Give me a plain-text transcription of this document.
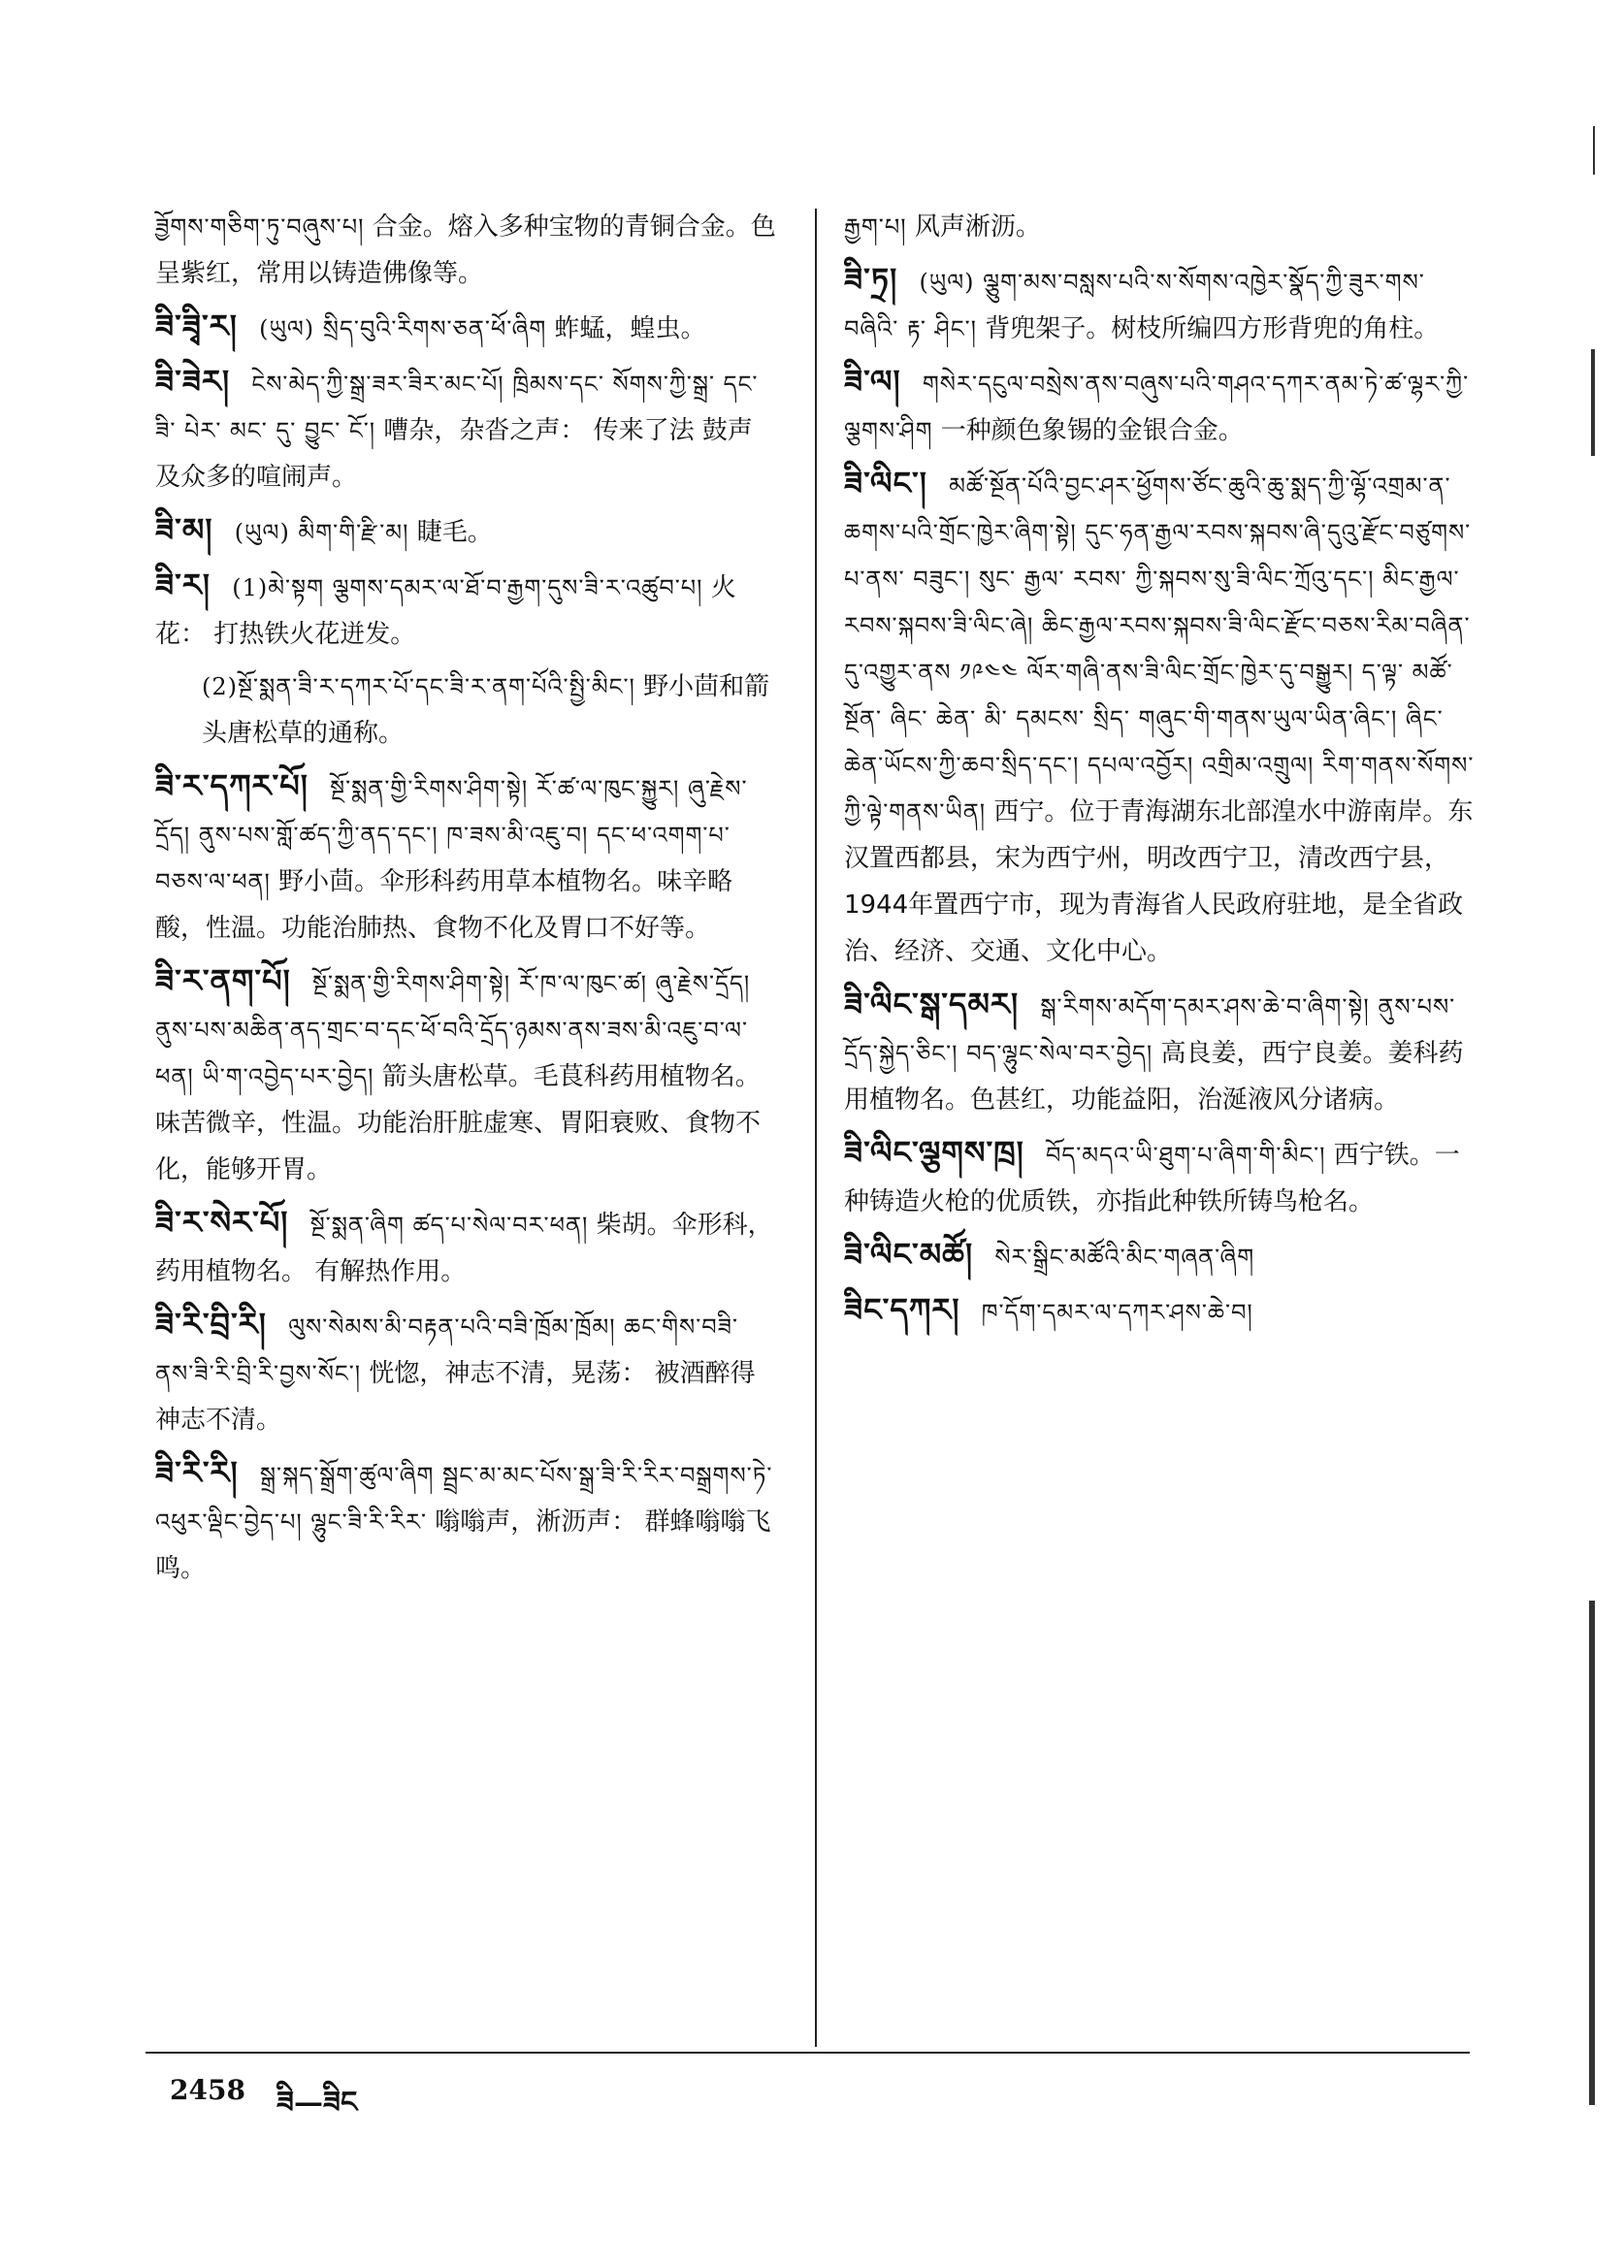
ཟྱོགས་གཅིག་ཏུ་བཞུས་པ། 合金。熔入多种宝物的青铜合金。色呈紫红，常用以铸造佛像等。
ཟི་ཟྭི་ར། (ཡུལ) སྲིད་བུའི་རིགས་ཅན་ཕོ་ཞིག 蚱蜢，蝗虫。
ཟི་ཟེར། ངེས་མེད་ཀྱི་སྒྲ་ཟར་ཟིར་མང་པོ། ཁྲིམས་དང་ སོགས་ཀྱི་སྒྲ་ དང་ ཟི་ པེར་ མང་ དུ་ བྱུང་ ངོ་། 嘈杂，杂沓之声： 传来了法 鼓声 及众多的喧闹声。
ཟི་མ། (ཡུལ) མིག་གི་རྫི་མ། 睫毛。
ཟི་ར། (1)མེ་སྟག ལྕགས་དམར་ལ་ཐོ་བ་རྒྱག་དུས་ཟི་ར་འཚུབ་པ། 火花： 打热铁火花迸发。
(2)སྔོ་སྨན་ཟི་ར་དཀར་པོ་དང་ཟི་ར་ནག་པོའི་སྤྱི་མིང་། 野小茴和箭头唐松草的通称。
ཟི་ར་དཀར་པོ། སྔོ་སྨན་གྱི་རིགས་ཤིག་སྟེ། རོ་ཚ་ལ་ཁུང་སྐྱུར། ཞུ་རྗེས་དྲོད། ནུས་པས་གློ་ཚད་ཀྱི་ནད་དང་། ཁ་ཟས་མི་འཇུ་བ། དང་ཕ་འགག་པ་བཅས་ལ་ཕན། 野小茴。伞形科药用草本植物名。味辛略酸，性温。功能治肺热、食物不化及胃口不好等。
ཟི་ར་ནག་པོ། སྔོ་སྨན་གྱི་རིགས་ཤིག་སྟེ། རོ་ཁ་ལ་ཁུང་ཚ། ཞུ་རྗེས་དྲོད། ནུས་པས་མཆིན་ནད་གྲང་བ་དང་ཕོ་བའི་དྲོད་ཉམས་ནས་ཟས་མི་འཇུ་བ་ལ་ཕན། ཡི་ག་འབྱེད་པར་བྱེད། 箭头唐松草。毛茛科药用植物名。味苦微辛，性温。功能治肝脏虚寒、胃阳衰败、食物不化，能够开胃。
ཟི་ར་སེར་པོ། སྔོ་སྨན་ཞིག ཚད་པ་སེལ་བར་ཕན། 柴胡。伞形科，药用植物名。 有解热作用。
ཟི་རི་བྲི་རི། ལུས་སེམས་མི་བརྟན་པའི་བཟི་ཁྲོམ་ཁྲོམ། ཆང་གིས་བཟི་ནས་ཟི་རི་བྲི་རི་བྱས་སོང་། 恍惚，神志不清，晃荡： 被酒醉得神志不清。
ཟི་རི་རི། སྒྲ་སྐད་སྒྲོག་ཚུལ་ཞིག སྦྲང་མ་མང་པོས་སྒྲ་ཟི་རི་རིར་བསྒྲགས་ཏེ་འཕུར་ལྡིང་བྱེད་པ། ལྷུང་ཟི་རི་རིར་ 嗡嗡声，淅沥声： 群蜂嗡嗡飞鸣。
རྒྱག་པ། 风声淅沥。
ཟི་ཏྲ། (ཡུལ) ལྕུག་མས་བསླས་པའི་ས་སོགས་འཁྱེར་སྣོད་ཀྱི་ཟུར་གས་ བཞིའི་ རྟ་ ཤིང་། 背兜架子。树枝所编四方形背兜的角柱。
ཟི་ལ། གསེར་དངུལ་བསྲེས་ནས་བཞུས་པའི་གཤའ་དཀར་ནམ་ཏེ་ཚ་ལྷར་ཀྱི་ལྕགས་ཤིག 一种颜色象锡的金银合金。
ཟི་ལིང་། མཚོ་སྔོན་པོའི་བྱང་ཤར་ཕྱོགས་ཙོང་ཆུའི་ཆུ་སྨད་ཀྱི་ལྷོ་འགྲམ་ན་ཆགས་པའི་གྲོང་ཁྱེར་ཞིག་སྟེ། དུང་ཧན་རྒྱལ་རབས་སྐབས་ཞི་དུའུ་རྫོང་བཙུགས་པ་ནས་ བཟུང་། སུང་ རྒྱལ་ རབས་ ཀྱི་སྐབས་སུ་ཟི་ལིང་ཀྲོའུ་དང་། མིང་རྒྱལ་རབས་སྐབས་ཟི་ལིང་ཞེ། ཆིང་རྒྱལ་རབས་སྐབས་ཟི་ལིང་རྫོང་བཅས་རིམ་བཞིན་དུ་འགྱུར་ནས ༡༩༤༤ ལོར་གཞི་ནས་ཟི་ལིང་གྲོང་ཁྱེར་དུ་བསྒྱུར། ད་ལྟ་ མཚོ་ སྔོན་ ཞིང་ ཆེན་ མི་ དམངས་ སྲིད་ གཞུང་གི་གནས་ཡུལ་ཡིན་ཞིང་། ཞིང་ཆེན་ཡོངས་ཀྱི་ཆབ་སྲིད་དང་། དཔལ་འབྱོར། འགྲིམ་འགྲུལ། རིག་གནས་སོགས་ཀྱི་ལྟེ་གནས་ཡིན། 西宁。位于青海湖东北部湟水中游南岸。东汉置西都县，宋为西宁州，明改西宁卫，清改西宁县，1944年置西宁市，现为青海省人民政府驻地，是全省政治、经济、交通、文化中心。
ཟི་ལིང་སྒ་དམར། སྒ་རིགས་མདོག་དམར་ཤས་ཆེ་བ་ཞིག་སྟེ། ནུས་པས་དྲོད་སྐྱེད་ཅིང་། བད་ལྷུང་སེལ་བར་བྱེད། 高良姜，西宁良姜。姜科药用植物名。色甚红，功能益阳，治涎液风分诸病。
ཟི་ལིང་ལྕགས་ཁྲ། བོད་མདའ་ཡི་ཐུག་པ་ཞིག་གི་མིང་། 西宁铁。一种铸造火枪的优质铁，亦指此种铁所铸鸟枪名。
ཟི་ལིང་མཚོ། སེར་སྒྲིང་མཚོའི་མིང་གཞན་ཞིག
ཟིང་དཀར། ཁ་དོག་དམར་ལ་དཀར་ཤས་ཆེ་བ།
2458 ཟི—ཟིང
